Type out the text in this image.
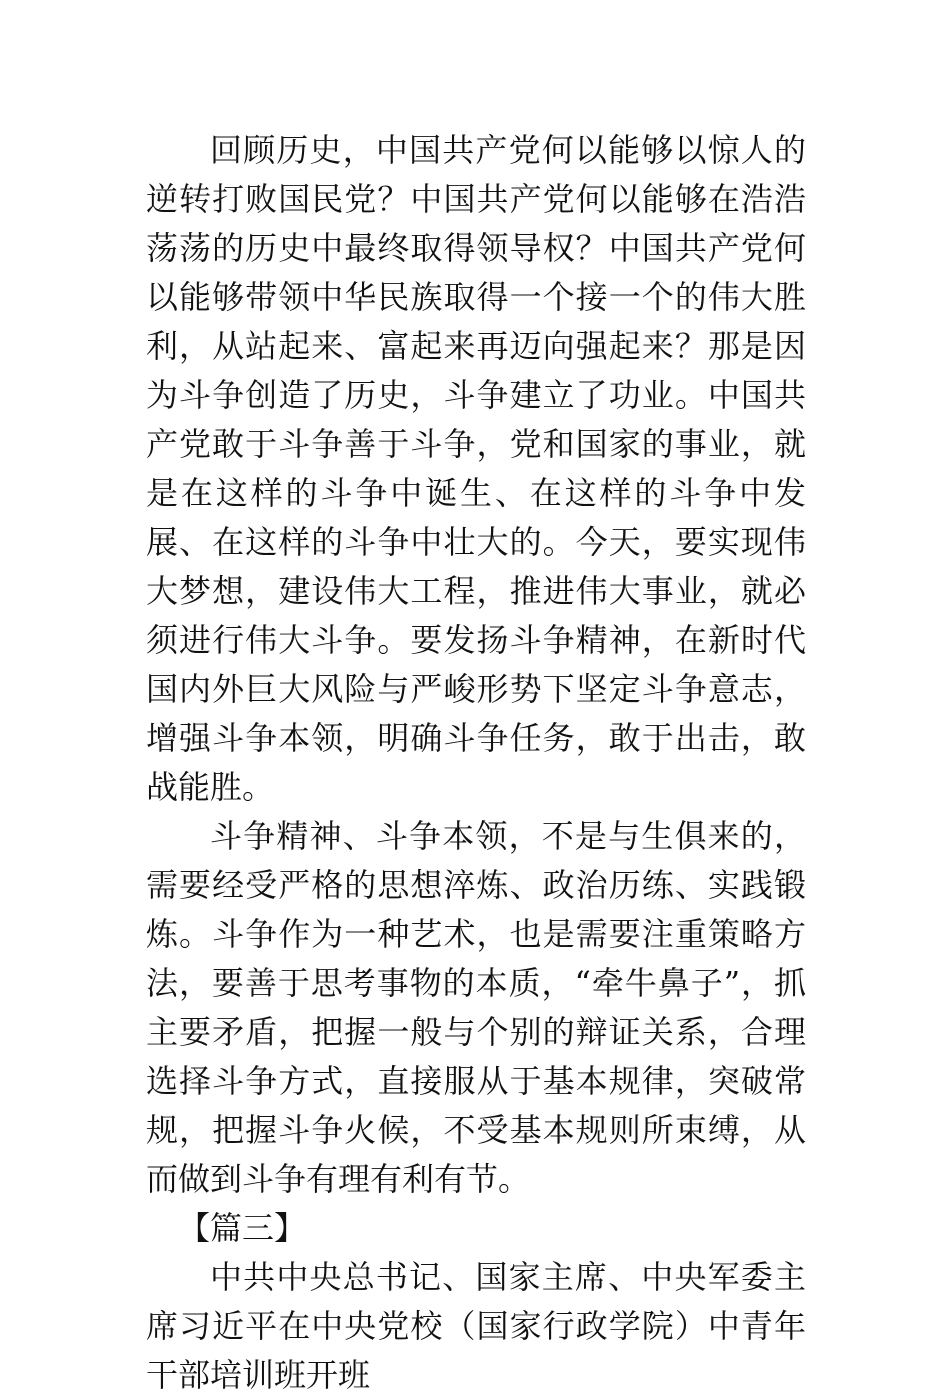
回顾历史，中国共产党何以能够以惊人的逆转打败国民党？中国共产党何以能够在浩浩荡荡的历史中最终取得领导权？中国共产党何以能够带领中华民族取得一个接一个的伟大胜利，从站起来、富起来再迈向强起来？那是因为斗争创造了历史，斗争建立了功业。中国共产党敢于斗争善于斗争，党和国家的事业，就是在这样的斗争中诞生、在这样的斗争中发展、在这样的斗争中壮大的。今天，要实现伟大梦想，建设伟大工程，推进伟大事业，就必须进行伟大斗争。要发扬斗争精神，在新时代国内外巨大风险与严峻形势下坚定斗争意志，增强斗争本领，明确斗争任务，敢于出击，敢战能胜。

斗争精神、斗争本领，不是与生俱来的，需要经受严格的思想淬炼、政治历练、实践锻炼。斗争作为一种艺术，也是需要注重策略方法，要善于思考事物的本质，“牵牛鼻子”，抓主要矛盾，把握一般与个别的辩证关系，合理选择斗争方式，直接服从于基本规律，突破常规，把握斗争火候，不受基本规则所束缚，从而做到斗争有理有利有节。

【篇三】

中共中央总书记、国家主席、中央军委主席习近平在中央党校（国家行政学院）中青年干部培训班开班
